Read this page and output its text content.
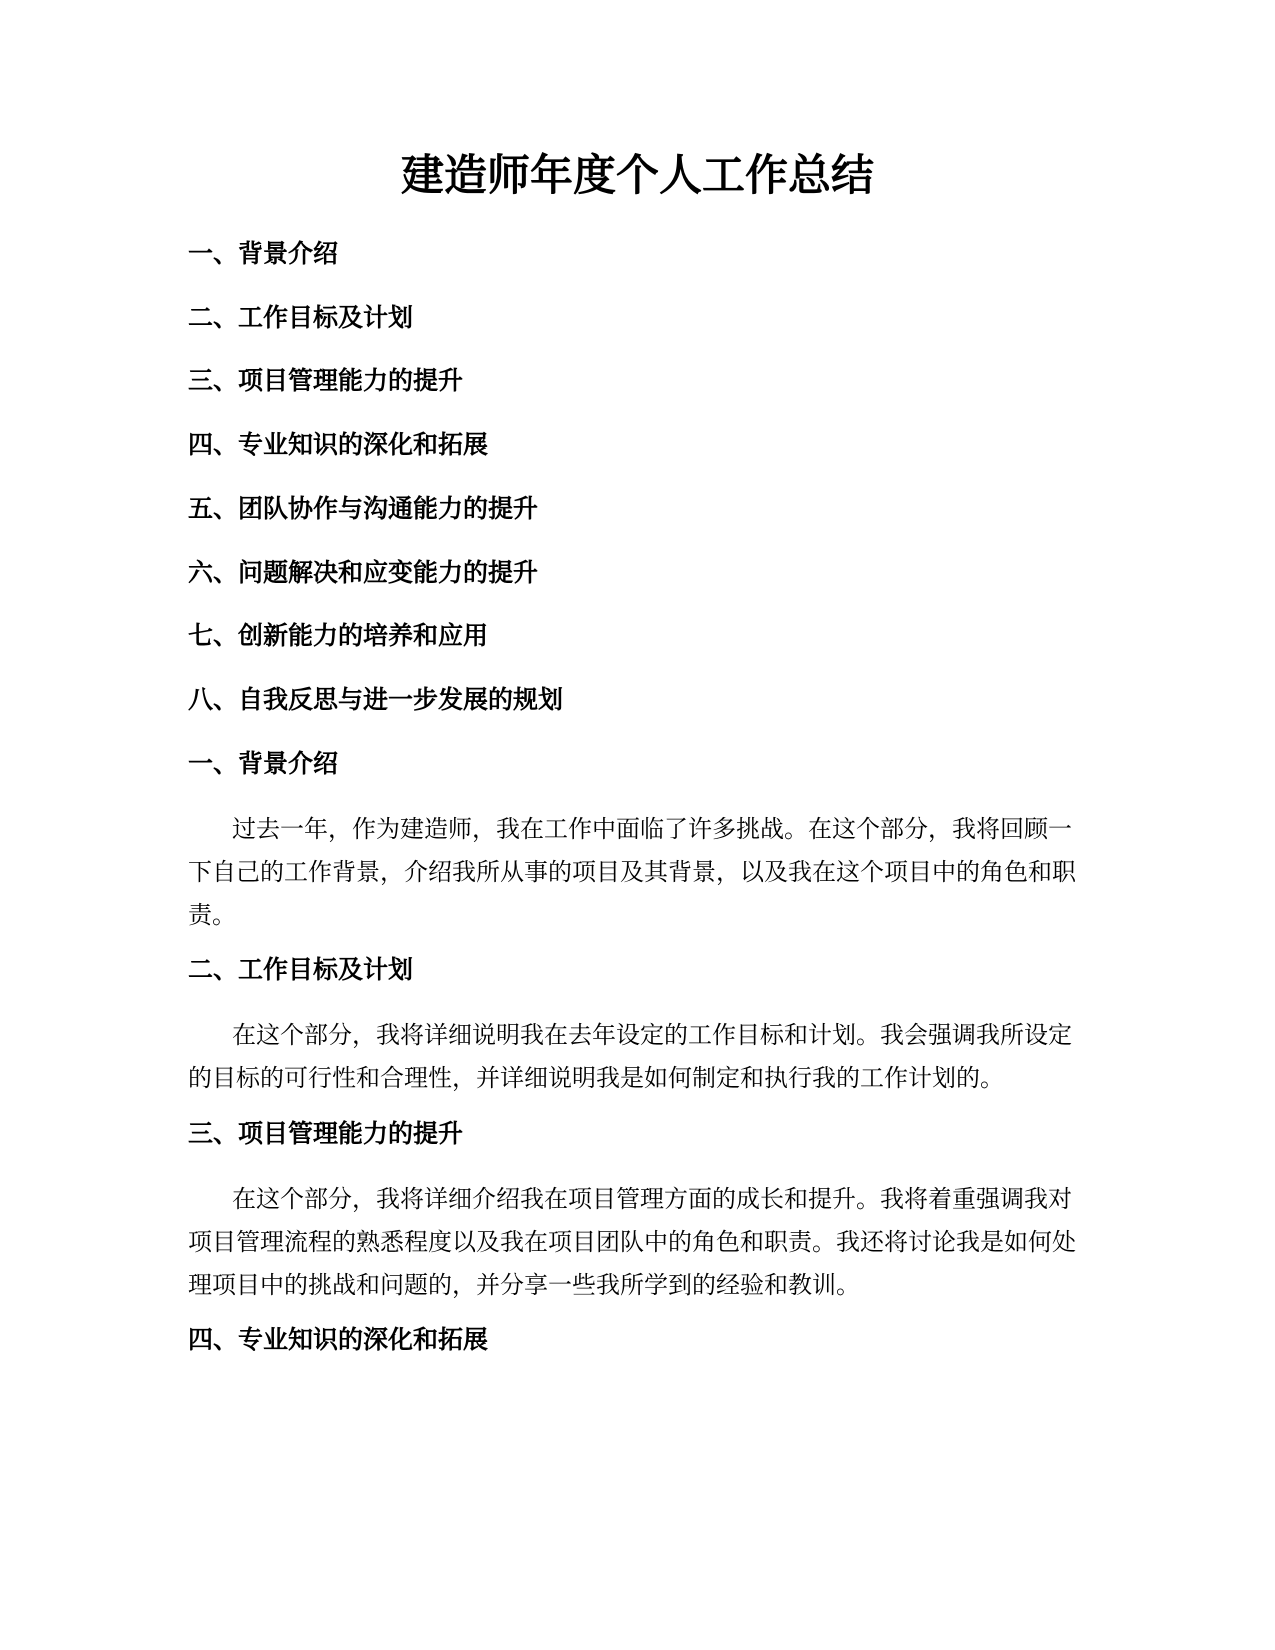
建造师年度个人工作总结
一、背景介绍
二、工作目标及计划
三、项目管理能力的提升
四、专业知识的深化和拓展
五、团队协作与沟通能力的提升
六、问题解决和应变能力的提升
七、创新能力的培养和应用
八、自我反思与进一步发展的规划
一、背景介绍

过去一年，作为建造师，我在工作中面临了许多挑战。在这个部分，我将回顾一下自己的工作背景，介绍我所从事的项目及其背景，以及我在这个项目中的角色和职责。

二、工作目标及计划

在这个部分，我将详细说明我在去年设定的工作目标和计划。我会强调我所设定的目标的可行性和合理性，并详细说明我是如何制定和执行我的工作计划的。

三、项目管理能力的提升

在这个部分，我将详细介绍我在项目管理方面的成长和提升。我将着重强调我对项目管理流程的熟悉程度以及我在项目团队中的角色和职责。我还将讨论我是如何处理项目中的挑战和问题的，并分享一些我所学到的经验和教训。

四、专业知识的深化和拓展
